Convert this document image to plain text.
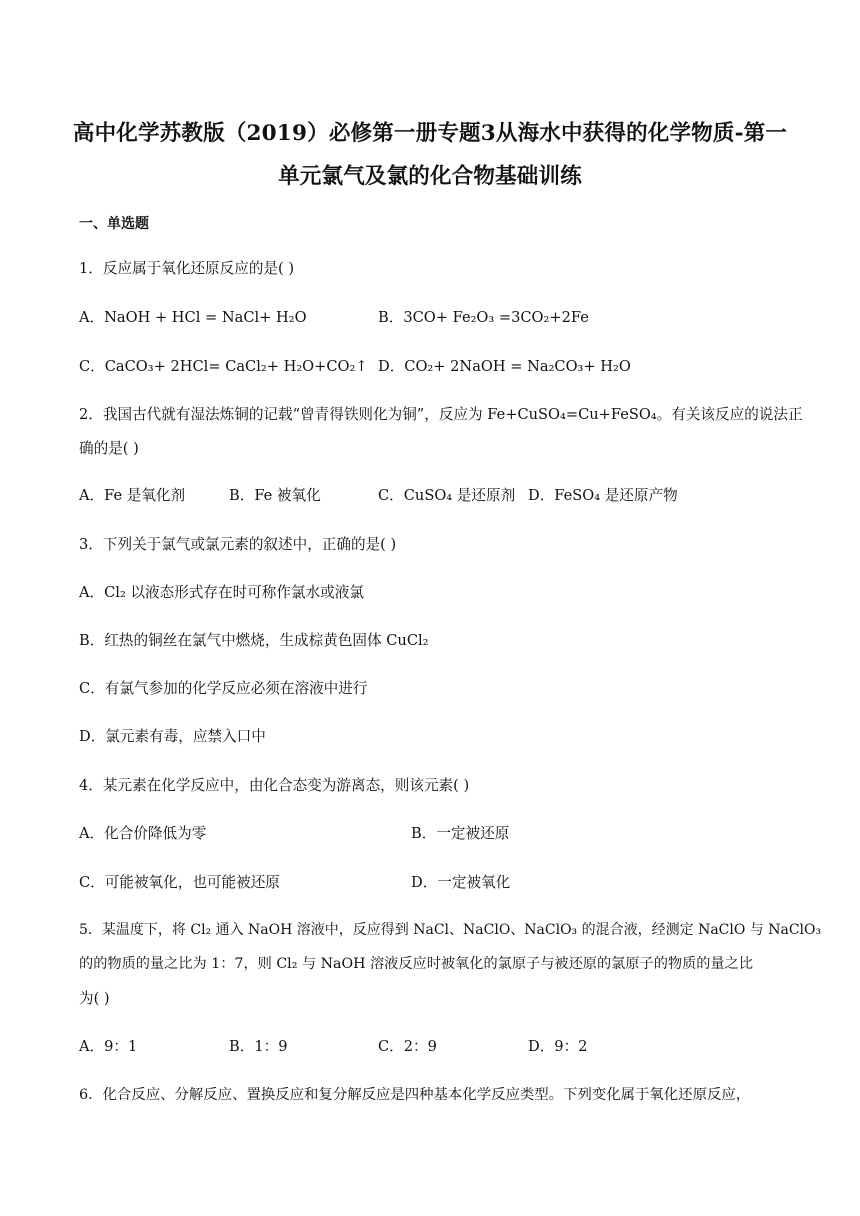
高中化学苏教版（2019）必修第一册专题3从海水中获得的化学物质-第一
单元氯气及氯的化合物基础训练
一、单选题
1．反应属于氧化还原反应的是( )
A．NaOH + HCl = NaCl+ H₂O	B．3CO+ Fe₂O₃ =3CO₂+2Fe
C．CaCO₃+ 2HCl= CaCl₂+ H₂O+CO₂↑ D．CO₂+ 2NaOH = Na₂CO₃+ H₂O
2．我国古代就有湿法炼铜的记载“曾青得铁则化为铜”，反应为 Fe+CuSO₄=Cu+FeSO₄。有关该反应的说法正
确的是( )
A．Fe 是氧化剂	B．Fe 被氧化	C．CuSO₄ 是还原剂 D．FeSO₄ 是还原产物
3．下列关于氯气或氯元素的叙述中，正确的是( )
A．Cl₂ 以液态形式存在时可称作氯水或液氯
B．红热的铜丝在氯气中燃烧，生成棕黄色固体 CuCl₂
C．有氯气参加的化学反应必须在溶液中进行
D．氯元素有毒，应禁入口中
4．某元素在化学反应中，由化合态变为游离态，则该元素( )
A．化合价降低为零	B．一定被还原
C．可能被氧化，也可能被还原	D．一定被氧化
5．某温度下，将 Cl₂ 通入 NaOH 溶液中，反应得到 NaCl、NaClO、NaClO₃ 的混合液，经测定 NaClO 与 NaClO₃
的的物质的量之比为 1：7，则 Cl₂ 与 NaOH 溶液反应时被氧化的氯原子与被还原的氯原子的物质的量之比
为( )
A．9：1	B．1：9	C．2：9	D．9：2
6．化合反应、分解反应、置换反应和复分解反应是四种基本化学反应类型。下列变化属于氧化还原反应，
